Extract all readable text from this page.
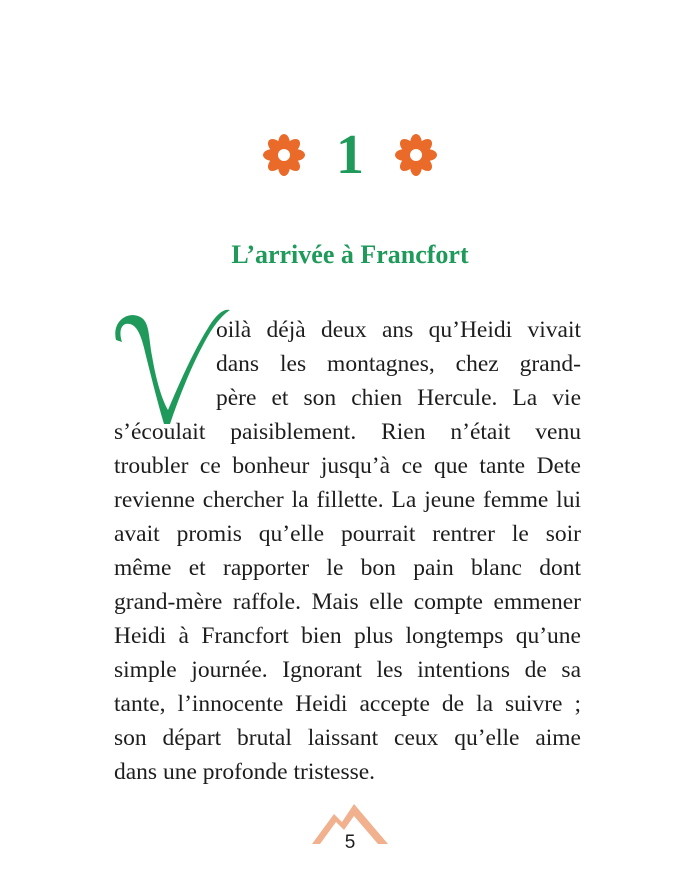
1
L’arrivée à Francfort
oilà déjà deux ans qu’Heidi vivait
dans les montagnes, chez grand-
père et son chien Hercule. La vie
s’écoulait paisiblement. Rien n’était venu
troubler ce bonheur jusqu’à ce que tante Dete
revienne chercher la fillette. La jeune femme lui
avait promis qu’elle pourrait rentrer le soir
même et rapporter le bon pain blanc dont
grand-mère raffole. Mais elle compte emmener
Heidi à Francfort bien plus longtemps qu’une
simple journée. Ignorant les intentions de sa
tante, l’innocente Heidi accepte de la suivre ;
son départ brutal laissant ceux qu’elle aime
dans une profonde tristesse.
5
